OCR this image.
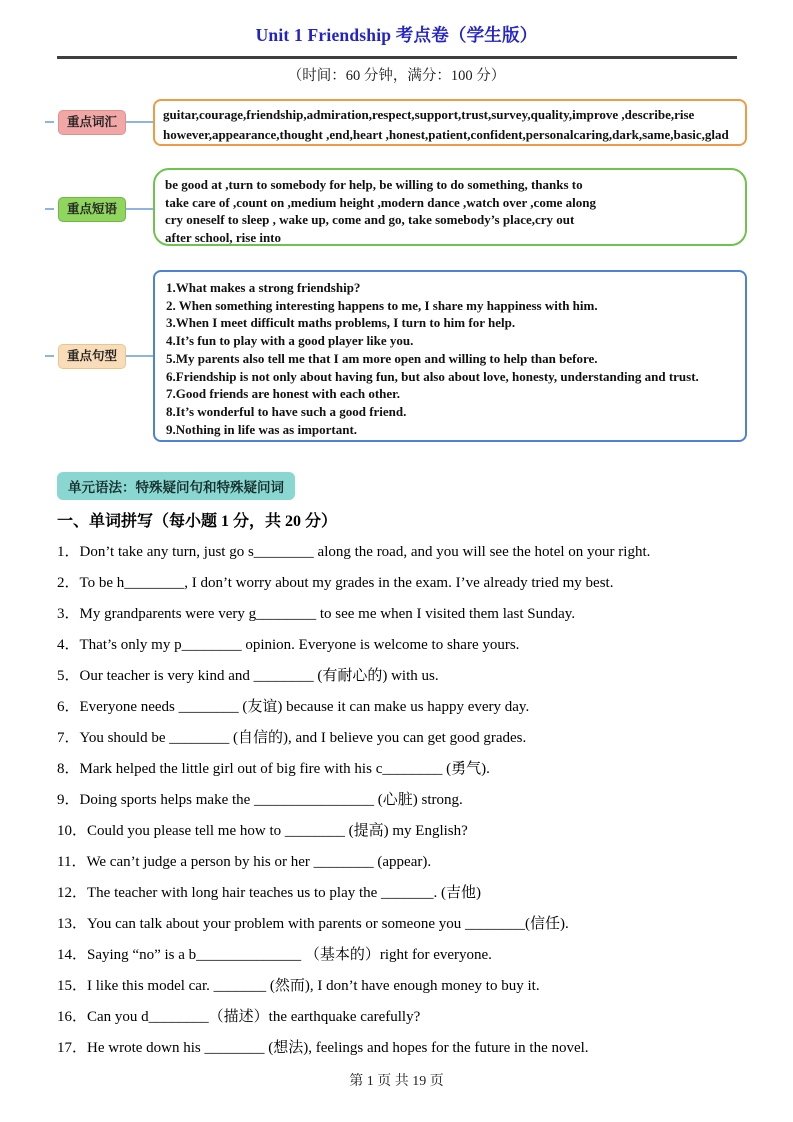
Unit 1 Friendship 考点卷（学生版）
（时间：60 分钟，满分：100 分）
重点词汇	guitar,courage,friendship,admiration,respect,support,trust,survey,quality,improve ,describe,rise
however,appearance,thought ,end,heart ,honest,patient,confident,personalcaring,dark,same,basic,glad
重点短语
be good at ,turn to somebody for help, be willing to do something, thanks to
take care of ,count on ,medium height ,modern dance ,watch over ,come along
cry oneself to sleep , wake up, come and go, take somebody’s place,cry out
after school, rise into
重点句型
1.What makes a strong friendship?
2. When something interesting happens to me, I share my happiness with him.
3.When I meet difficult maths problems, I turn to him for help.
4.It’s fun to play with a good player like you.
5.My parents also tell me that I am more open and willing to help than before.
6.Friendship is not only about having fun, but also about love, honesty, understanding and trust.
7.Good friends are honest with each other.
8.It’s wonderful to have such a good friend.
9.Nothing in life was as important.
单元语法：特殊疑问句和特殊疑问词
一、单词拼写（每小题 1 分，共 20 分）
1．Don’t take any turn, just go s________ along the road, and you will see the hotel on your right.
2．To be h________, I don’t worry about my grades in the exam. I’ve already tried my best.
3．My grandparents were very g________ to see me when I visited them last Sunday.
4．That’s only my p________ opinion. Everyone is welcome to share yours.
5．Our teacher is very kind and ________ (有耐心的) with us.
6．Everyone needs ________ (友谊) because it can make us happy every day.
7．You should be ________ (自信的), and I believe you can get good grades.
8．Mark helped the little girl out of big fire with his c________ (勇气).
9．Doing sports helps make the ________________ (心脏) strong.
10．Could you please tell me how to ________ (提高) my English?
11．We can’t judge a person by his or her ________ (appear).
12．The teacher with long hair teaches us to play the _______. (吉他)
13．You can talk about your problem with parents or someone you ________(信任).
14．Saying “no” is a b______________ （基本的）right for everyone.
15．I like this model car. _______ (然而), I don’t have enough money to buy it.
16．Can you d________（描述）the earthquake carefully?
17．He wrote down his ________ (想法), feelings and hopes for the future in the novel.
第 1 页 共 19 页
